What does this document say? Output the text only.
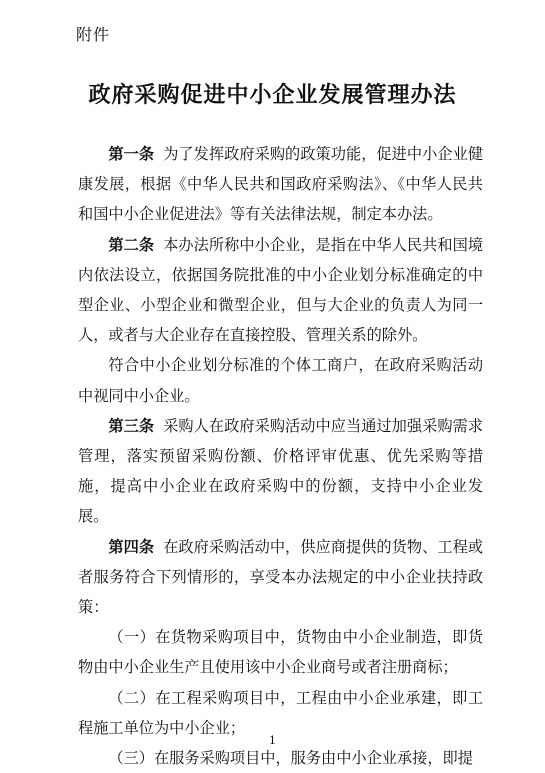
附件
政府采购促进中小企业发展管理办法

第一条 为了发挥政府采购的政策功能，促进中小企业健康发展，根据《中华人民共和国政府采购法》、《中华人民共和国中小企业促进法》等有关法律法规，制定本办法。

第二条 本办法所称中小企业，是指在中华人民共和国境内依法设立，依据国务院批准的中小企业划分标准确定的中型企业、小型企业和微型企业，但与大企业的负责人为同一人，或者与大企业存在直接控股、管理关系的除外。

符合中小企业划分标准的个体工商户，在政府采购活动中视同中小企业。

第三条 采购人在政府采购活动中应当通过加强采购需求管理，落实预留采购份额、价格评审优惠、优先采购等措施，提高中小企业在政府采购中的份额，支持中小企业发展。

第四条 在政府采购活动中，供应商提供的货物、工程或者服务符合下列情形的，享受本办法规定的中小企业扶持政策：

（一）在货物采购项目中，货物由中小企业制造，即货物由中小企业生产且使用该中小企业商号或者注册商标；

（二）在工程采购项目中，工程由中小企业承建，即工程施工单位为中小企业；

（三）在服务采购项目中，服务由中小企业承接，即提

1
